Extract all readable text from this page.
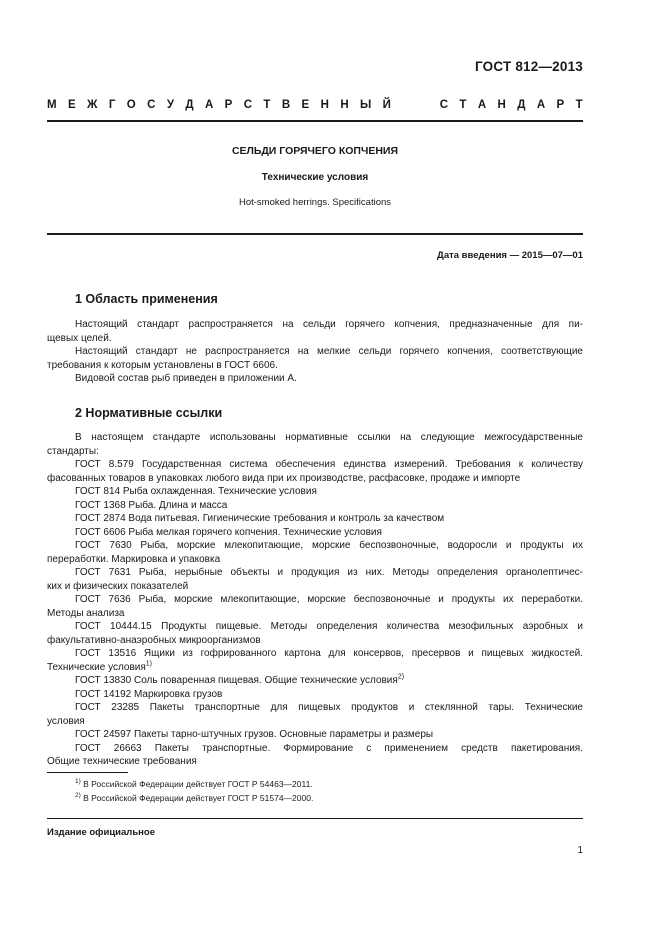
ГОСТ 812—2013
М Е Ж Г О С У Д А Р С Т В Е Н Н Ы Й	С Т А Н Д А Р Т
СЕЛЬДИ ГОРЯЧЕГО КОПЧЕНИЯ
Технические условия
Hot-smoked herrings. Specifications
Дата введения — 2015—07—01
1 Область применения

Настоящий стандарт распространяется на сельди горячего копчения, предназначенные для пи-

щевых целей.

Настоящий стандарт не распространяется на мелкие сельди горячего копчения, соответствующие

требования к которым установлены в ГОСТ 6606.

Видовой состав рыб приведен в приложении А.

2 Нормативные ссылки

В настоящем стандарте использованы нормативные ссылки на следующие межгосударственные

стандарты:

ГОСТ 8.579 Государственная система обеспечения единства измерений. Требования к количеству

фасованных товаров в упаковках любого вида при их производстве, расфасовке, продаже и импорте

ГОСТ 814 Рыба охлажденная. Технические условия

ГОСТ 1368 Рыба. Длина и масса

ГОСТ 2874 Вода питьевая. Гигиенические требования и контроль за качеством

ГОСТ 6606 Рыба мелкая горячего копчения. Технические условия

ГОСТ 7630 Рыба, морские млекопитающие, морские беспозвоночные, водоросли и продукты их

переработки. Маркировка и упаковка

ГОСТ 7631 Рыба, нерыбные объекты и продукция из них. Методы определения органолептичес-

ких и физических показателей

ГОСТ 7636 Рыба, морские млекопитающие, морские беспозвоночные и продукты их переработки.

Методы анализа

ГОСТ 10444.15 Продукты пищевые. Методы определения количества мезофильных аэробных и

факультативно-анаэробных микроорганизмов

ГОСТ 13516 Ящики из гофрированного картона для консервов, пресервов и пищевых жидкостей.

Технические условия$^{1)}$

ГОСТ 13830 Соль поваренная пищевая. Общие технические условия$^{2)}$

ГОСТ 14192 Маркировка грузов

ГОСТ 23285 Пакеты транспортные для пищевых продуктов и стеклянной тары. Технические

условия

ГОСТ 24597 Пакеты тарно-штучных грузов. Основные параметры и размеры

ГОСТ 26663 Пакеты транспортные. Формирование с применением средств пакетирования.

Общие технические требования

$^{1)}$ В Российской Федерации действует ГОСТ Р 54463—2011.
$^{2)}$ В Российской Федерации действует ГОСТ Р 51574—2000.
Издание официальное
1
